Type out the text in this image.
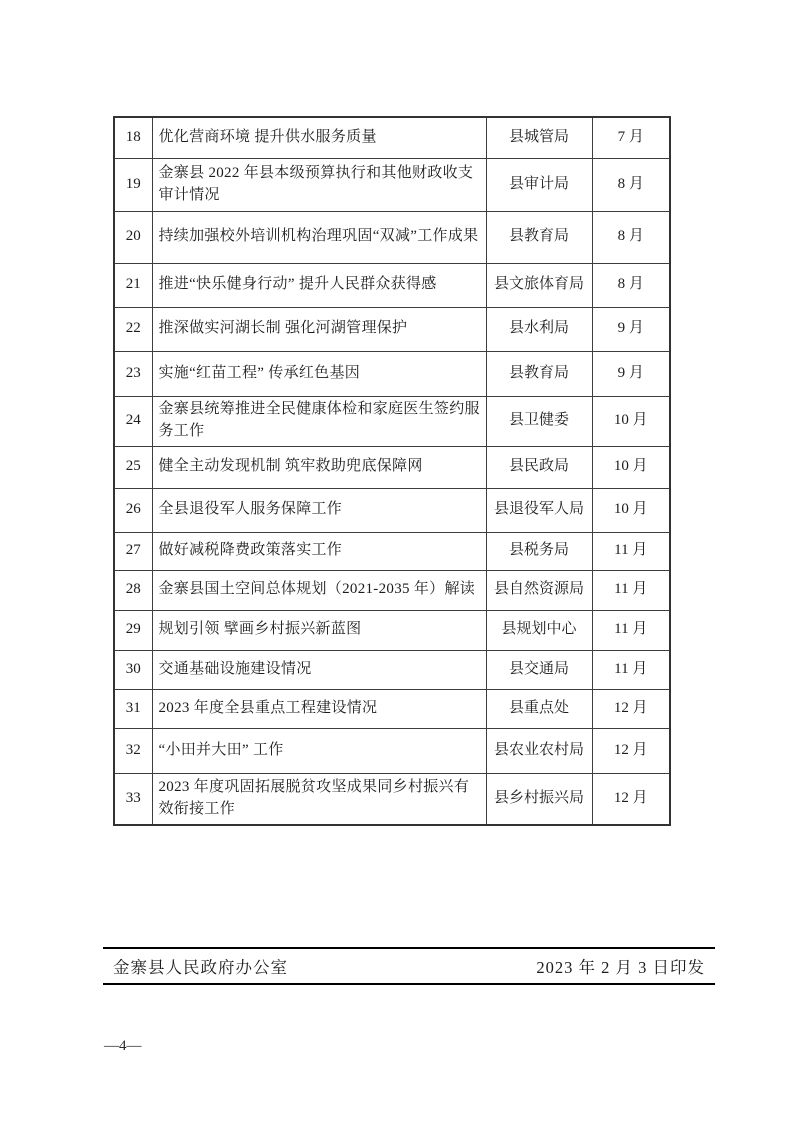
18	优化营商环境 提升供水服务质量	县城管局	7 月
19	金寨县 2022 年县本级预算执行和其他财政收支审计情况	县审计局	8 月
20	持续加强校外培训机构治理巩固“双减”工作成果	县教育局	8 月
21	推进“快乐健身行动” 提升人民群众获得感	县文旅体育局	8 月
22	推深做实河湖长制 强化河湖管理保护	县水利局	9 月
23	实施“红苗工程” 传承红色基因	县教育局	9 月
24	金寨县统筹推进全民健康体检和家庭医生签约服务工作	县卫健委	10 月
25	健全主动发现机制 筑牢救助兜底保障网	县民政局	10 月
26	全县退役军人服务保障工作	县退役军人局	10 月
27	做好减税降费政策落实工作	县税务局	11 月
28	金寨县国土空间总体规划（2021-2035 年）解读	县自然资源局	11 月
29	规划引领 擘画乡村振兴新蓝图	县规划中心	11 月
30	交通基础设施建设情况	县交通局	11 月
31	2023 年度全县重点工程建设情况	县重点处	12 月
32	“小田并大田” 工作	县农业农村局	12 月
33	2023 年度巩固拓展脱贫攻坚成果同乡村振兴有效衔接工作	县乡村振兴局	12 月
金寨县人民政府办公室	2023 年 2 月 3 日印发
—4—
